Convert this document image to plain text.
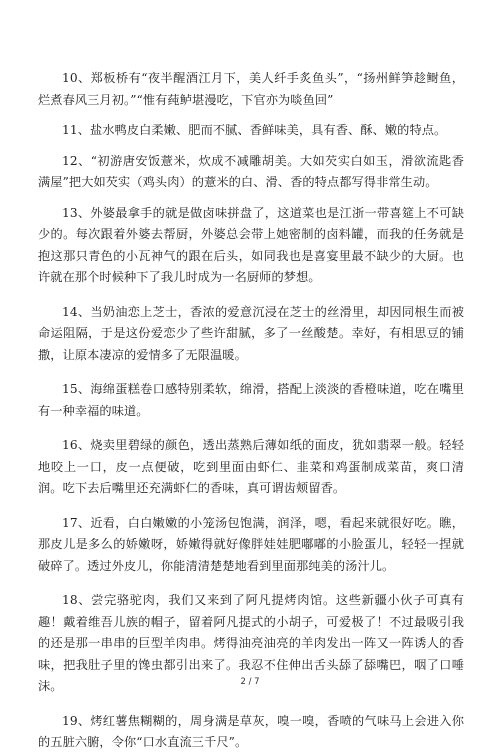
10、郑板桥有“夜半醒酒江月下，美人纤手炙鱼头”，“扬州鲜笋趁鲥鱼，烂煮春风三月初。”“惟有莼鲈堪漫吃，下官亦为啖鱼回”

11、盐水鸭皮白柔嫩、肥而不腻、香鲜味美，具有香、酥、嫩的特点。

12、“初游唐安饭薏米，炊成不减雕胡美。大如芡实白如玉，滑欲流匙香满屋”把大如芡实（鸡头肉）的薏米的白、滑、香的特点都写得非常生动。

13、外婆最拿手的就是做卤味拼盘了，这道菜也是江浙一带喜筵上不可缺少的。每次跟着外婆去帮厨，外婆总会带上她密制的卤料罐，而我的任务就是抱这那只青色的小瓦神气的跟在后头，如同我也是喜宴里最不缺少的大厨。也许就在那个时候种下了我儿时成为一名厨师的梦想。

14、当奶油恋上芝士，香浓的爱意沉浸在芝士的丝滑里，却因同根生而被命运阻隔，于是这份爱恋少了些许甜腻，多了一丝酸楚。幸好，有相思豆的铺撒，让原本凄凉的爱情多了无限温暖。

15、海绵蛋糕卷口感特别柔软，绵滑，搭配上淡淡的香橙味道，吃在嘴里有一种幸福的味道。

16、烧卖里碧绿的颜色，透出蒸熟后薄如纸的面皮，犹如翡翠一般。轻轻地咬上一口，皮一点便破，吃到里面由虾仁、韭菜和鸡蛋制成菜苗，爽口清润。吃下去后嘴里还充满虾仁的香味，真可谓齿颊留香。

17、近看，白白嫩嫩的小笼汤包饱满，润泽，嗯，看起来就很好吃。瞧，那皮儿是多么的娇嫩呀，娇嫩得就好像胖娃娃肥嘟嘟的小脸蛋儿，轻轻一捏就破碎了。透过外皮儿，你能清清楚楚地看到里面那纯美的汤汁儿。

18、尝完骆驼肉，我们又来到了阿凡提烤肉馆。这些新疆小伙子可真有趣！戴着维吾儿族的帽子，留着阿凡提式的小胡子，可爱极了！不过最吸引我的还是那一串串的巨型羊肉串。烤得油亮油亮的羊肉发出一阵又一阵诱人的香味，把我肚子里的馋虫都引出来了。我忍不住伸出舌头舔了舔嘴巴，咽了口唾沫。

19、烤红薯焦糊糊的，周身满是草灰，嗅一嗅，香喷的气味马上会进入你的五脏六腑，令你“口水直流三千尺”。

2 / 7
